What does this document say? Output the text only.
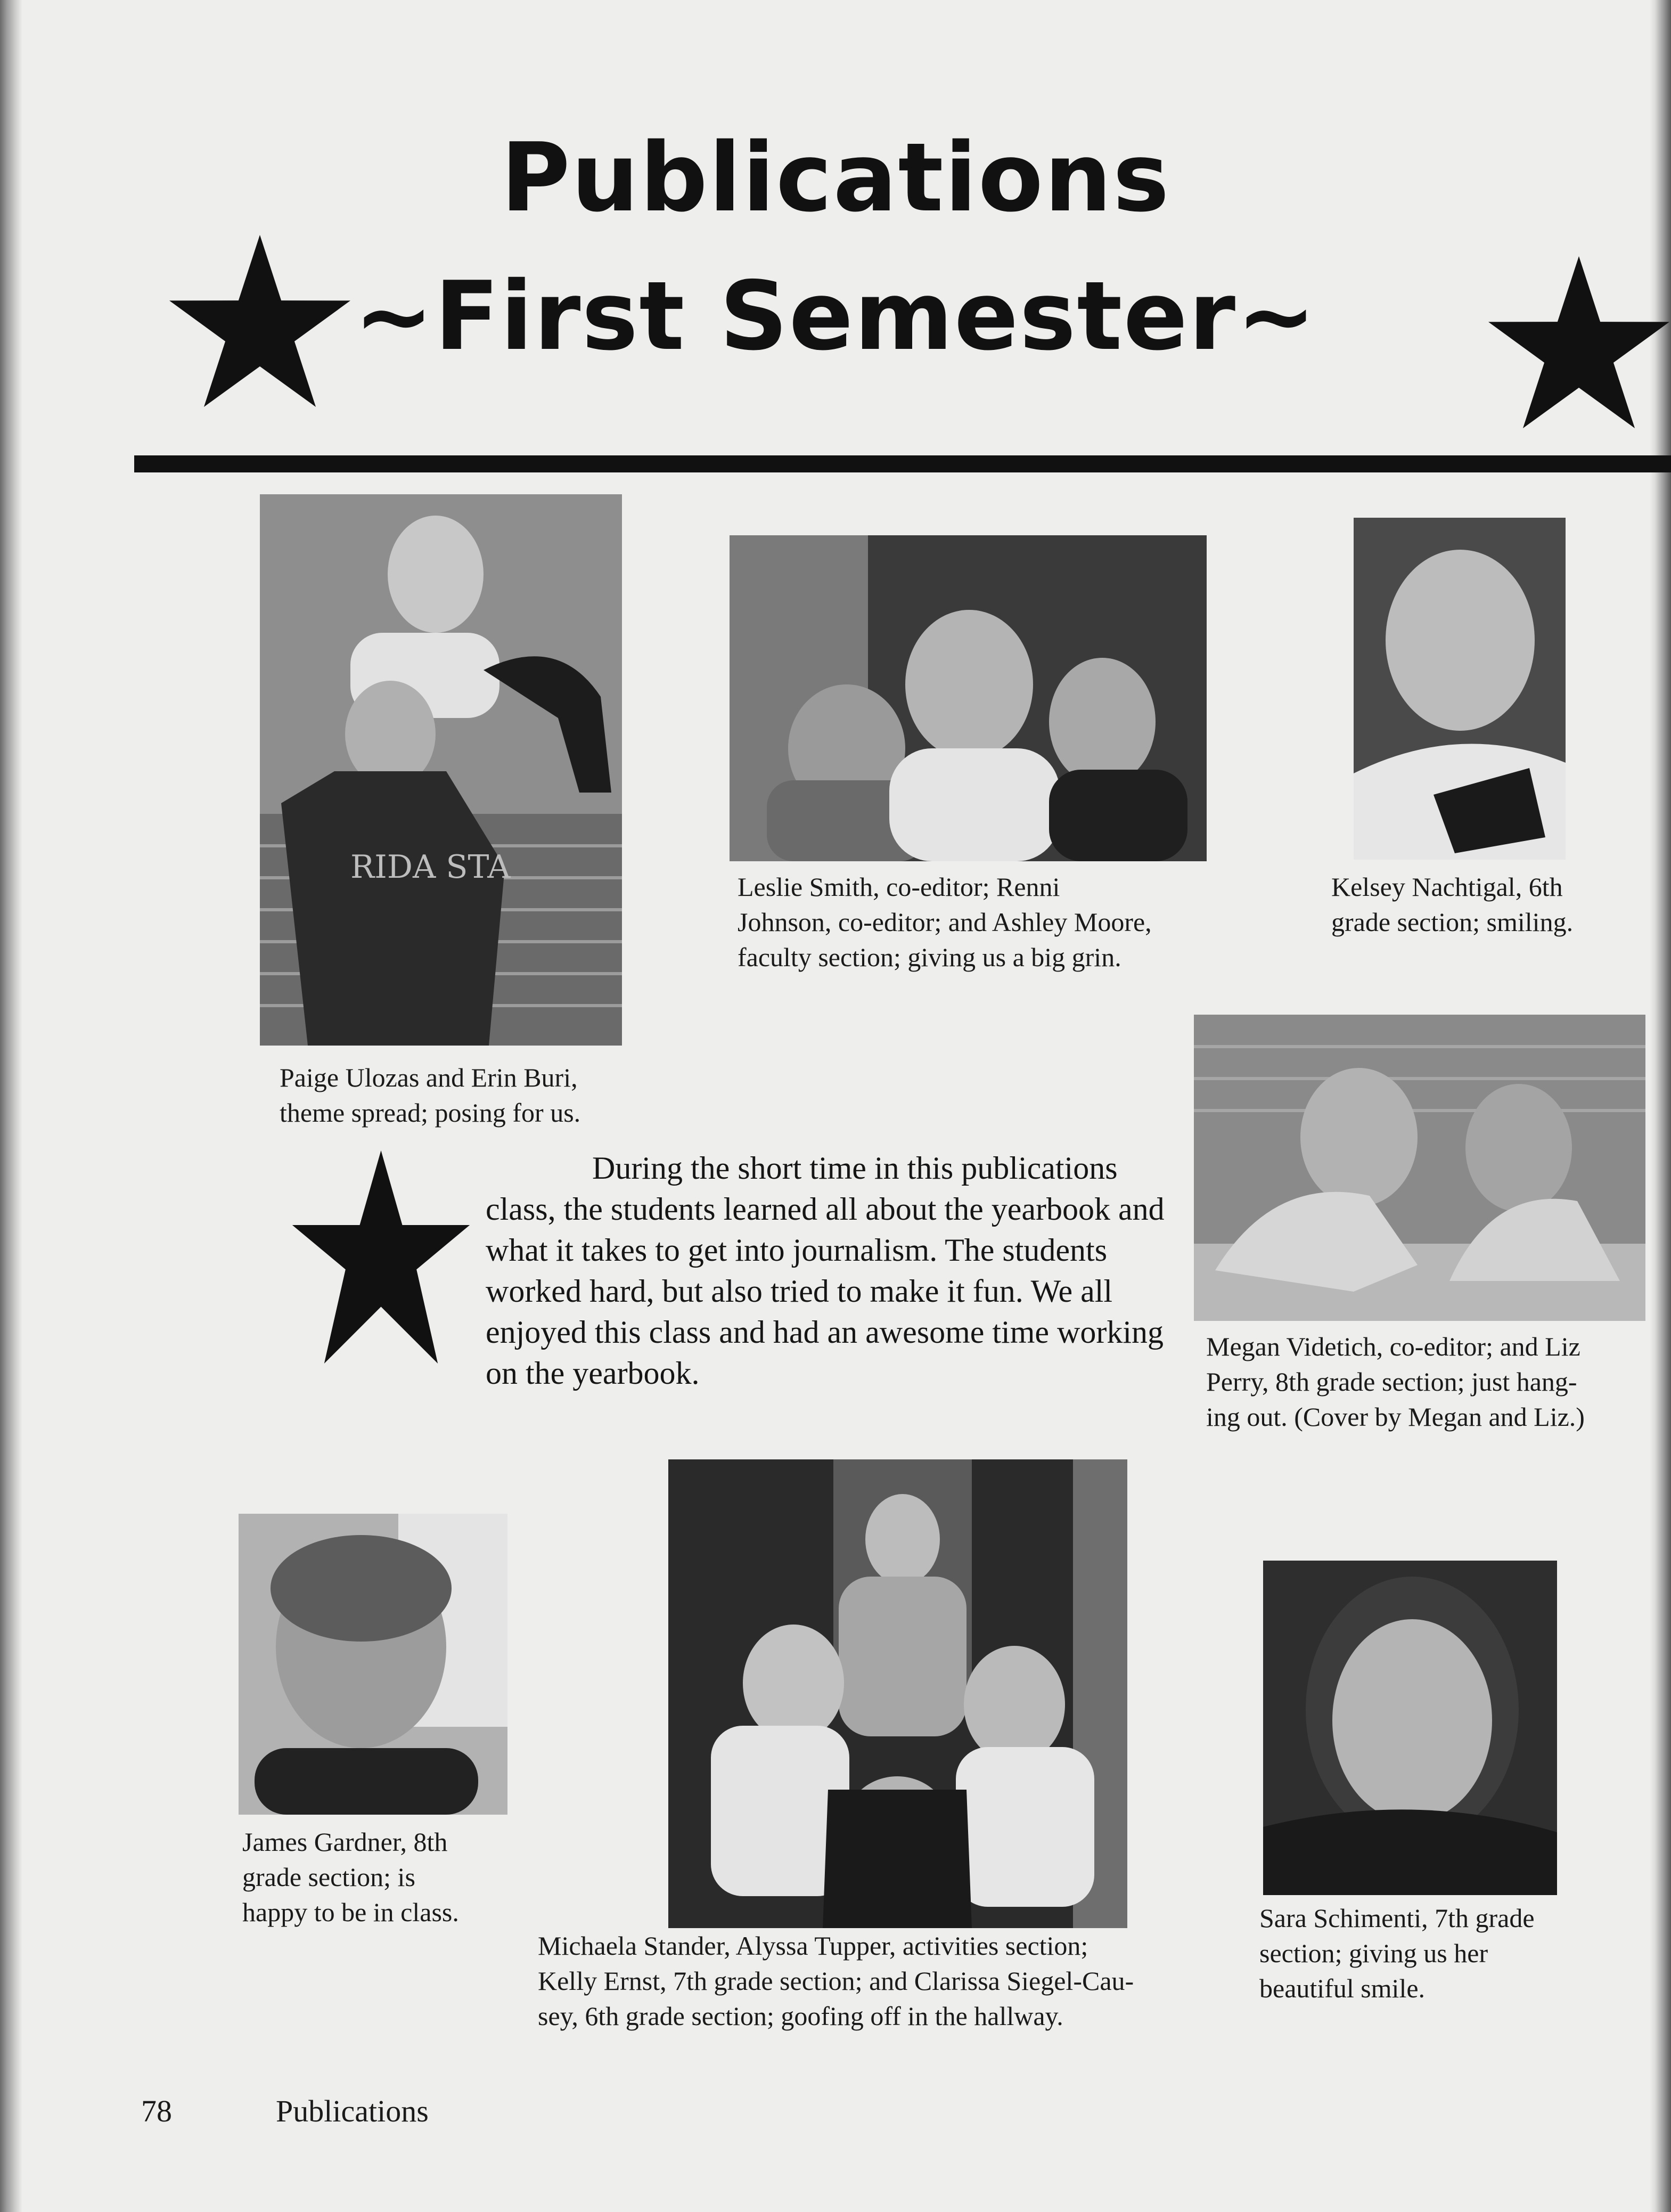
Publications
~First Semester~
RIDA STA

Paige Ulozas and Erin Buri,
theme spread; posing for us.

Leslie Smith, co-editor; Renni
Johnson, co-editor; and Ashley Moore,
faculty section; giving us a big grin.

Kelsey Nachtigal, 6th
grade section; smiling.

Megan Videtich, co-editor; and Liz
Perry, 8th grade section; just hang-
ing out. (Cover by Megan and Liz.)

During the short time in this publications class, the students learned all about the yearbook and what it takes to get into journalism. The students worked hard, but also tried to make it fun. We all enjoyed this class and had an awesome time working on the yearbook.

James Gardner, 8th
grade section; is
happy to be in class.

Michaela Stander, Alyssa Tupper, activities section;
Kelly Ernst, 7th grade section; and Clarissa Siegel-Cau-
sey, 6th grade section; goofing off in the hallway.

Sara Schimenti, 7th grade
section; giving us her
beautiful smile.

78	Publications
